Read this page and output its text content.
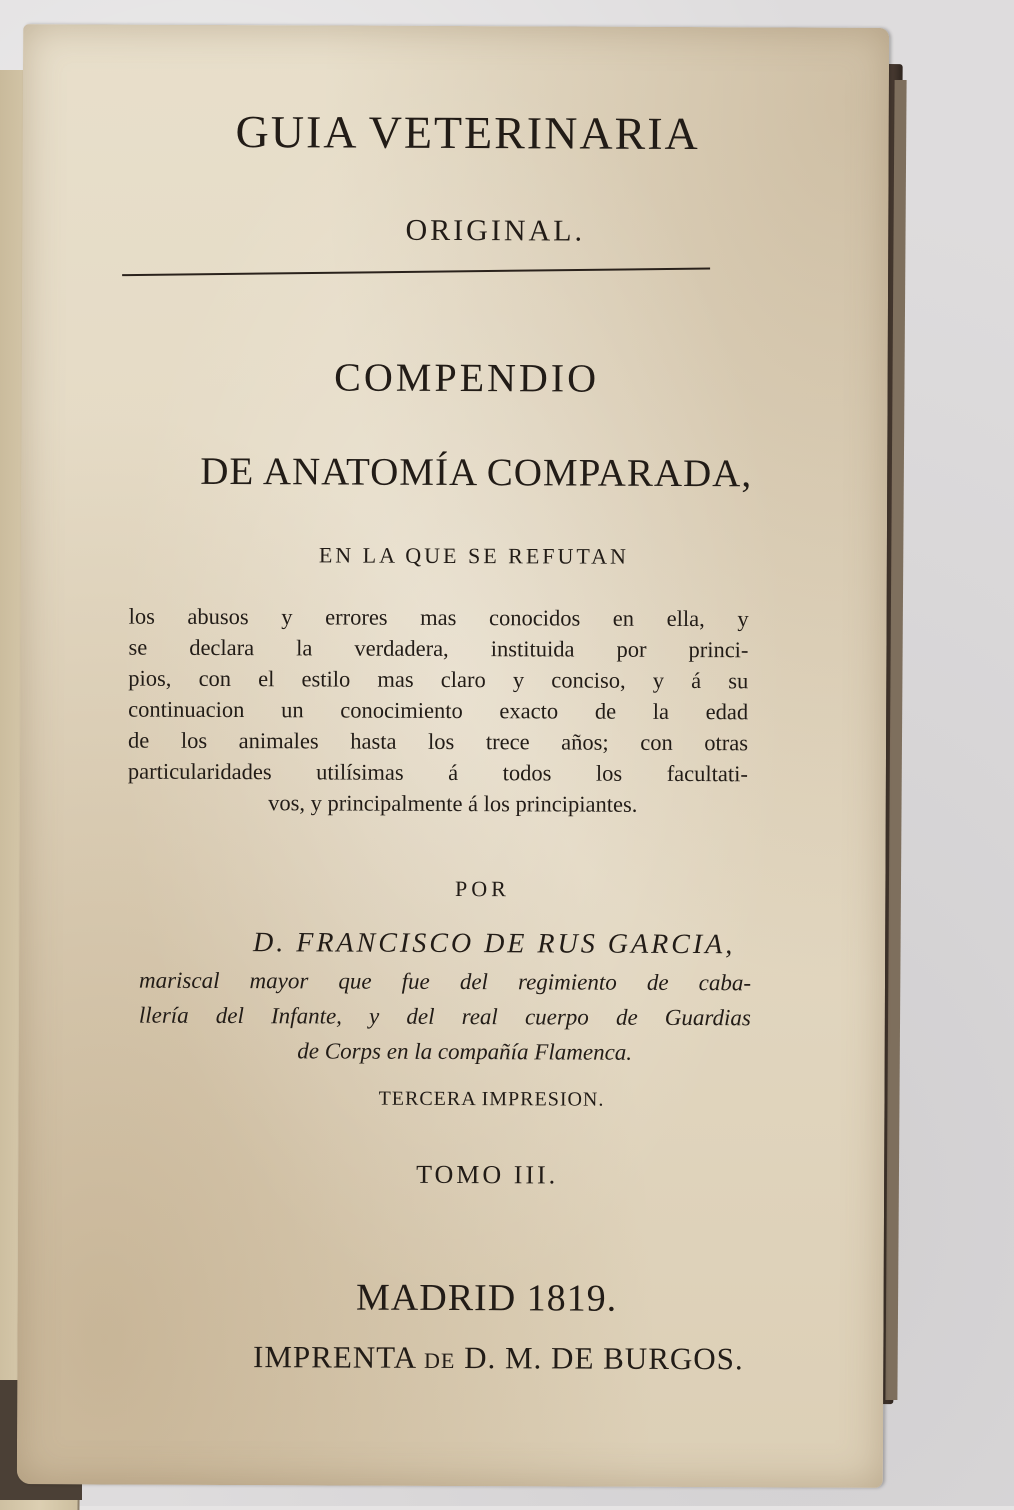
GUIA VETERINARIA
ORIGINAL.
COMPENDIO
DE ANATOMÍA COMPARADA,
EN LA QUE SE REFUTAN
los abusos y errores mas conocidos en ella, y
se declara la verdadera, instituida por princi-
pios, con el estilo mas claro y conciso, y á su
continuacion un conocimiento exacto de la edad
de los animales hasta los trece años; con otras
particularidades utilísimas á todos los facultati-
vos, y principalmente á los principiantes.
POR
D. FRANCISCO DE RUS GARCIA,
mariscal mayor que fue del regimiento de caba-
llería del Infante, y del real cuerpo de Guardias
de Corps en la compañía Flamenca.
TERCERA IMPRESION.
TOMO III.
MADRID 1819.
IMPRENTA DE D. M. DE BURGOS.
